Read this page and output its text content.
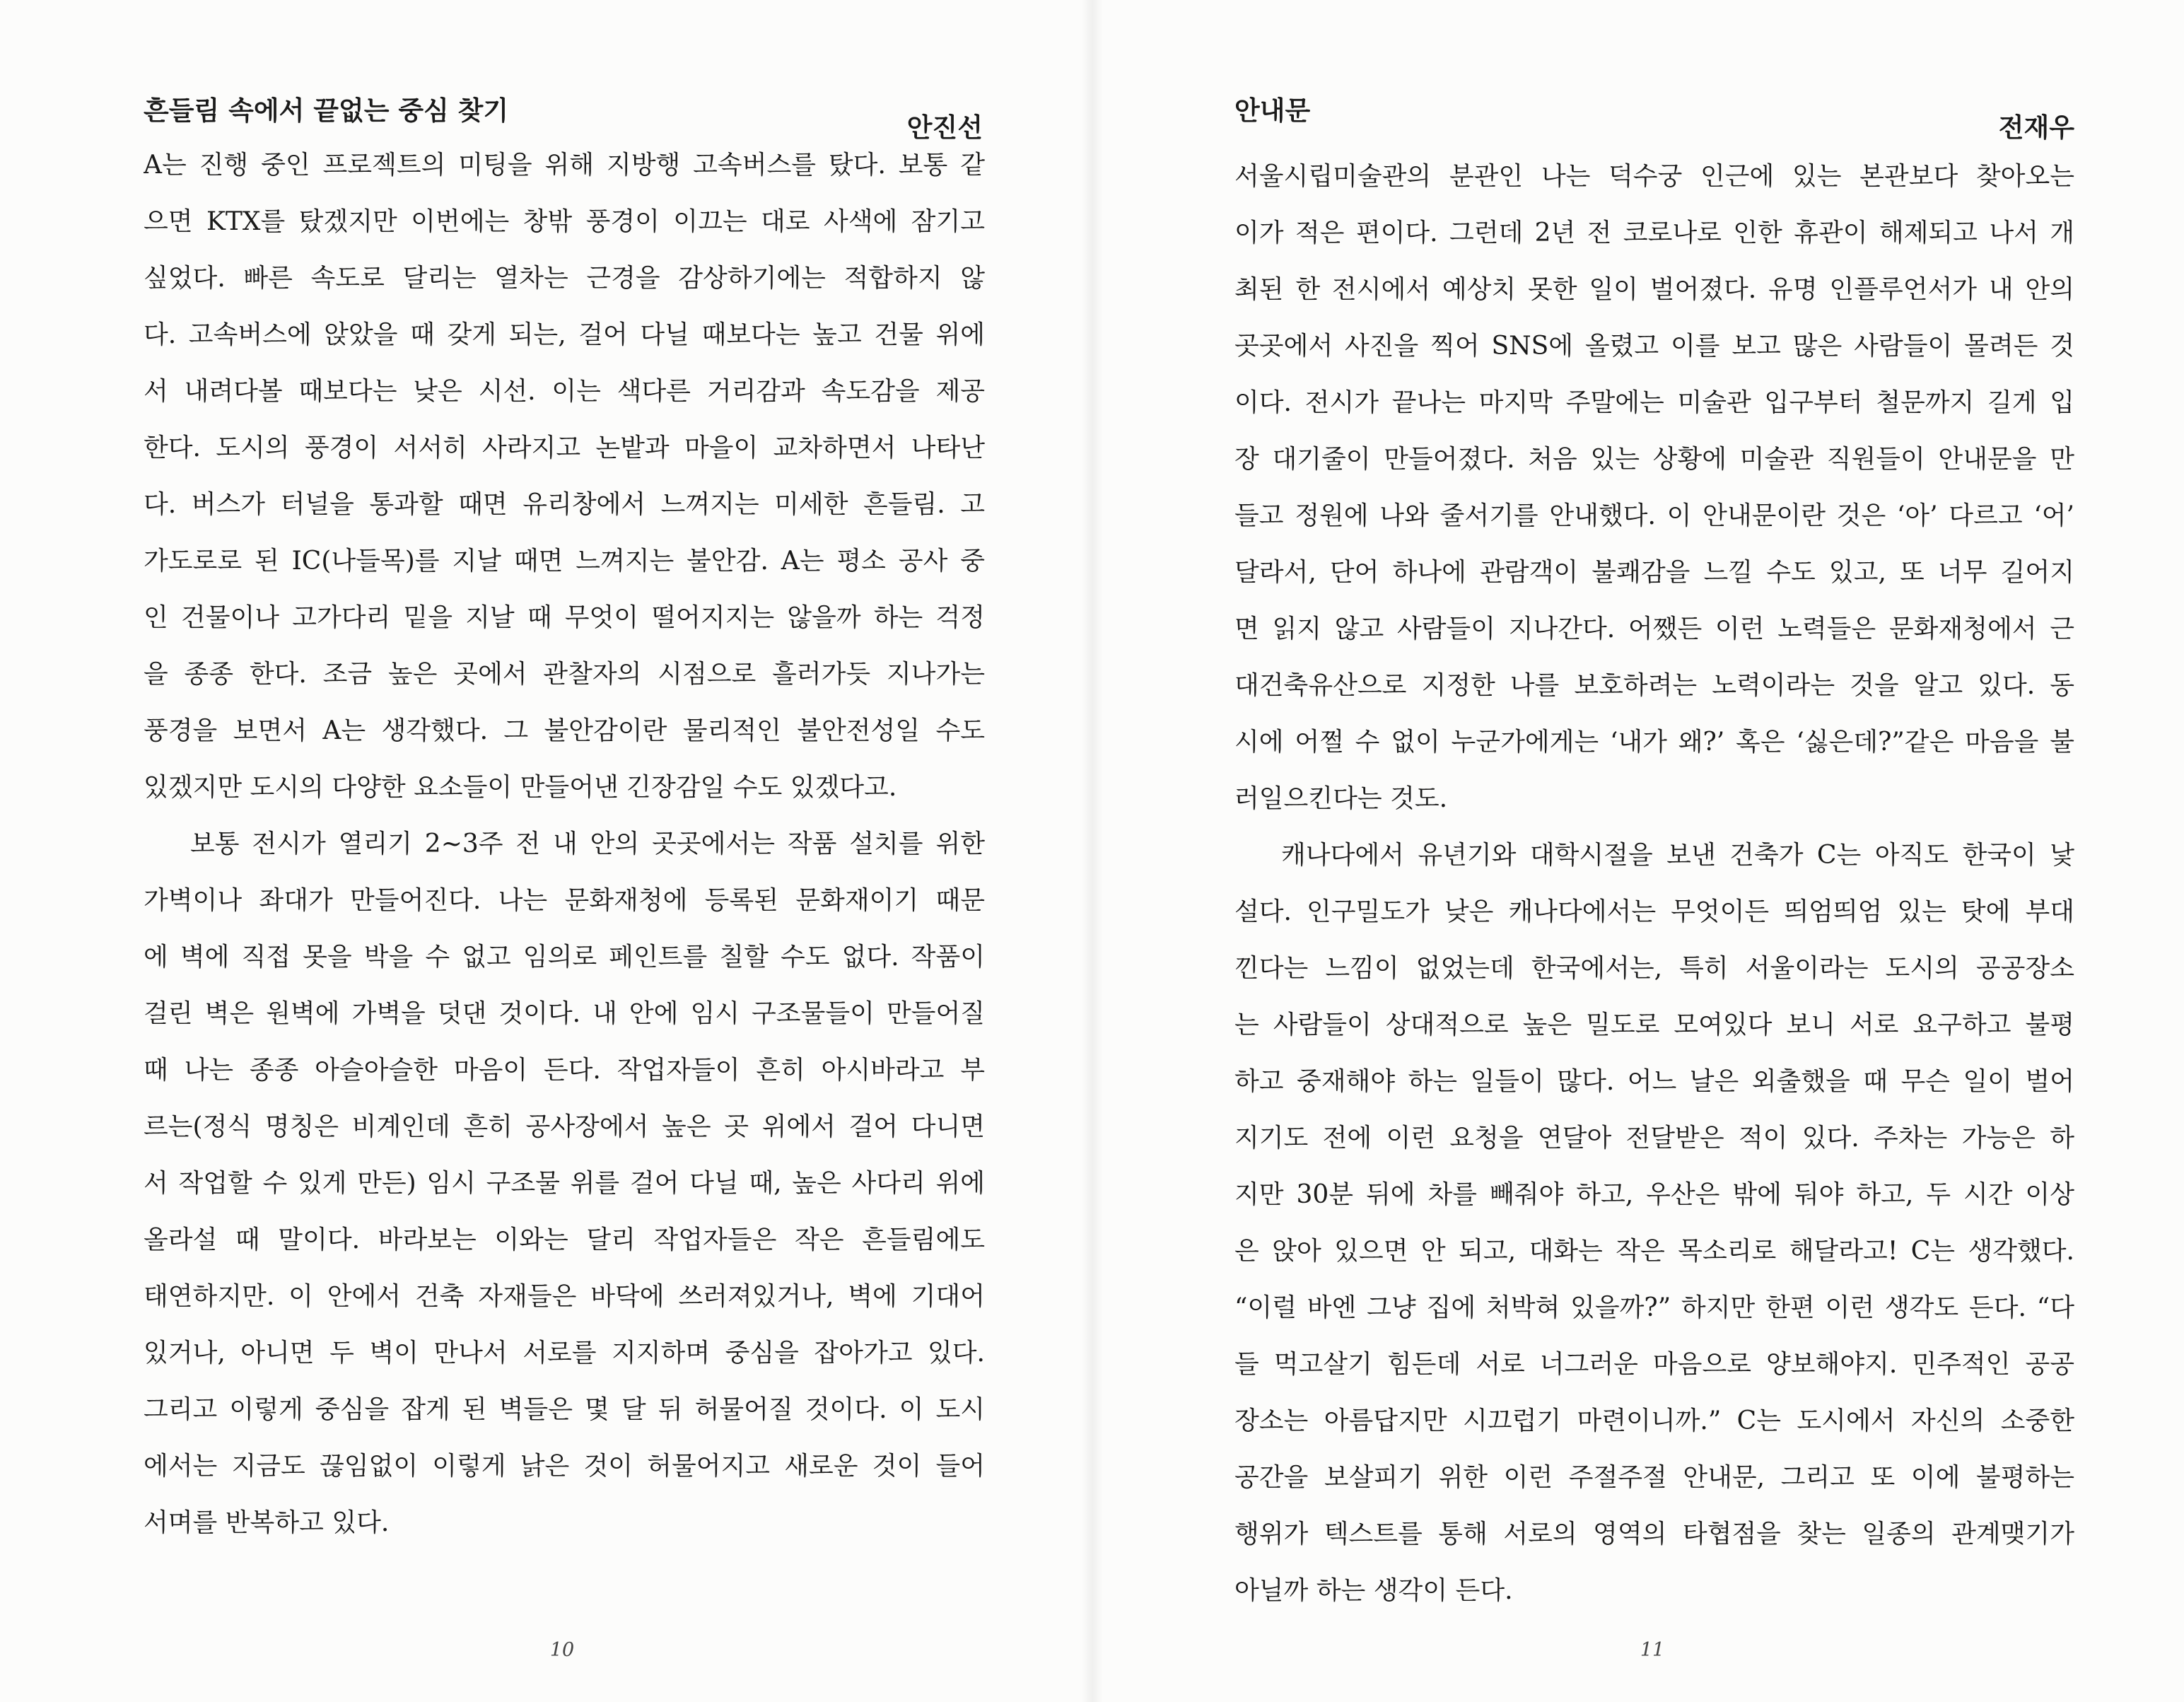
흔들림 속에서 끝없는 중심 찾기
안진선
A는 진행 중인 프로젝트의 미팅을 위해 지방행 고속버스를 탔다. 보통 같
으면 KTX를 탔겠지만 이번에는 창밖 풍경이 이끄는 대로 사색에 잠기고
싶었다. 빠른 속도로 달리는 열차는 근경을 감상하기에는 적합하지 않
다. 고속버스에 앉았을 때 갖게 되는, 걸어 다닐 때보다는 높고 건물 위에
서 내려다볼 때보다는 낮은 시선. 이는 색다른 거리감과 속도감을 제공
한다. 도시의 풍경이 서서히 사라지고 논밭과 마을이 교차하면서 나타난
다. 버스가 터널을 통과할 때면 유리창에서 느껴지는 미세한 흔들림. 고
가도로로 된 IC(나들목)를 지날 때면 느껴지는 불안감. A는 평소 공사 중
인 건물이나 고가다리 밑을 지날 때 무엇이 떨어지지는 않을까 하는 걱정
을 종종 한다. 조금 높은 곳에서 관찰자의 시점으로 흘러가듯 지나가는
풍경을 보면서 A는 생각했다. 그 불안감이란 물리적인 불안전성일 수도
있겠지만 도시의 다양한 요소들이 만들어낸 긴장감일 수도 있겠다고.
보통 전시가 열리기 2~3주 전 내 안의 곳곳에서는 작품 설치를 위한
가벽이나 좌대가 만들어진다. 나는 문화재청에 등록된 문화재이기 때문
에 벽에 직접 못을 박을 수 없고 임의로 페인트를 칠할 수도 없다. 작품이
걸린 벽은 원벽에 가벽을 덧댄 것이다. 내 안에 임시 구조물들이 만들어질
때 나는 종종 아슬아슬한 마음이 든다. 작업자들이 흔히 아시바라고 부
르는(정식 명칭은 비계인데 흔히 공사장에서 높은 곳 위에서 걸어 다니면
서 작업할 수 있게 만든) 임시 구조물 위를 걸어 다닐 때, 높은 사다리 위에
올라설 때 말이다. 바라보는 이와는 달리 작업자들은 작은 흔들림에도
태연하지만. 이 안에서 건축 자재들은 바닥에 쓰러져있거나, 벽에 기대어
있거나, 아니면 두 벽이 만나서 서로를 지지하며 중심을 잡아가고 있다.
그리고 이렇게 중심을 잡게 된 벽들은 몇 달 뒤 허물어질 것이다. 이 도시
에서는 지금도 끊임없이 이렇게 낡은 것이 허물어지고 새로운 것이 들어
서며를 반복하고 있다.
10
안내문
전재우
서울시립미술관의 분관인 나는 덕수궁 인근에 있는 본관보다 찾아오는
이가 적은 편이다. 그런데 2년 전 코로나로 인한 휴관이 해제되고 나서 개
최된 한 전시에서 예상치 못한 일이 벌어졌다. 유명 인플루언서가 내 안의
곳곳에서 사진을 찍어 SNS에 올렸고 이를 보고 많은 사람들이 몰려든 것
이다. 전시가 끝나는 마지막 주말에는 미술관 입구부터 철문까지 길게 입
장 대기줄이 만들어졌다. 처음 있는 상황에 미술관 직원들이 안내문을 만
들고 정원에 나와 줄서기를 안내했다. 이 안내문이란 것은 ‘아’ 다르고 ‘어’
달라서, 단어 하나에 관람객이 불쾌감을 느낄 수도 있고, 또 너무 길어지
면 읽지 않고 사람들이 지나간다. 어쨌든 이런 노력들은 문화재청에서 근
대건축유산으로 지정한 나를 보호하려는 노력이라는 것을 알고 있다. 동
시에 어쩔 수 없이 누군가에게는 ‘내가 왜?’ 혹은 ‘싫은데?”같은 마음을 불
러일으킨다는 것도.
캐나다에서 유년기와 대학시절을 보낸 건축가 C는 아직도 한국이 낯
설다. 인구밀도가 낮은 캐나다에서는 무엇이든 띄엄띄엄 있는 탓에 부대
낀다는 느낌이 없었는데 한국에서는, 특히 서울이라는 도시의 공공장소
는 사람들이 상대적으로 높은 밀도로 모여있다 보니 서로 요구하고 불평
하고 중재해야 하는 일들이 많다. 어느 날은 외출했을 때 무슨 일이 벌어
지기도 전에 이런 요청을 연달아 전달받은 적이 있다. 주차는 가능은 하
지만 30분 뒤에 차를 빼줘야 하고, 우산은 밖에 둬야 하고, 두 시간 이상
은 앉아 있으면 안 되고, 대화는 작은 목소리로 해달라고! C는 생각했다.
“이럴 바엔 그냥 집에 처박혀 있을까?” 하지만 한편 이런 생각도 든다. “다
들 먹고살기 힘든데 서로 너그러운 마음으로 양보해야지. 민주적인 공공
장소는 아름답지만 시끄럽기 마련이니까.” C는 도시에서 자신의 소중한
공간을 보살피기 위한 이런 주절주절 안내문, 그리고 또 이에 불평하는
행위가 텍스트를 통해 서로의 영역의 타협점을 찾는 일종의 관계맺기가
아닐까 하는 생각이 든다.
11
